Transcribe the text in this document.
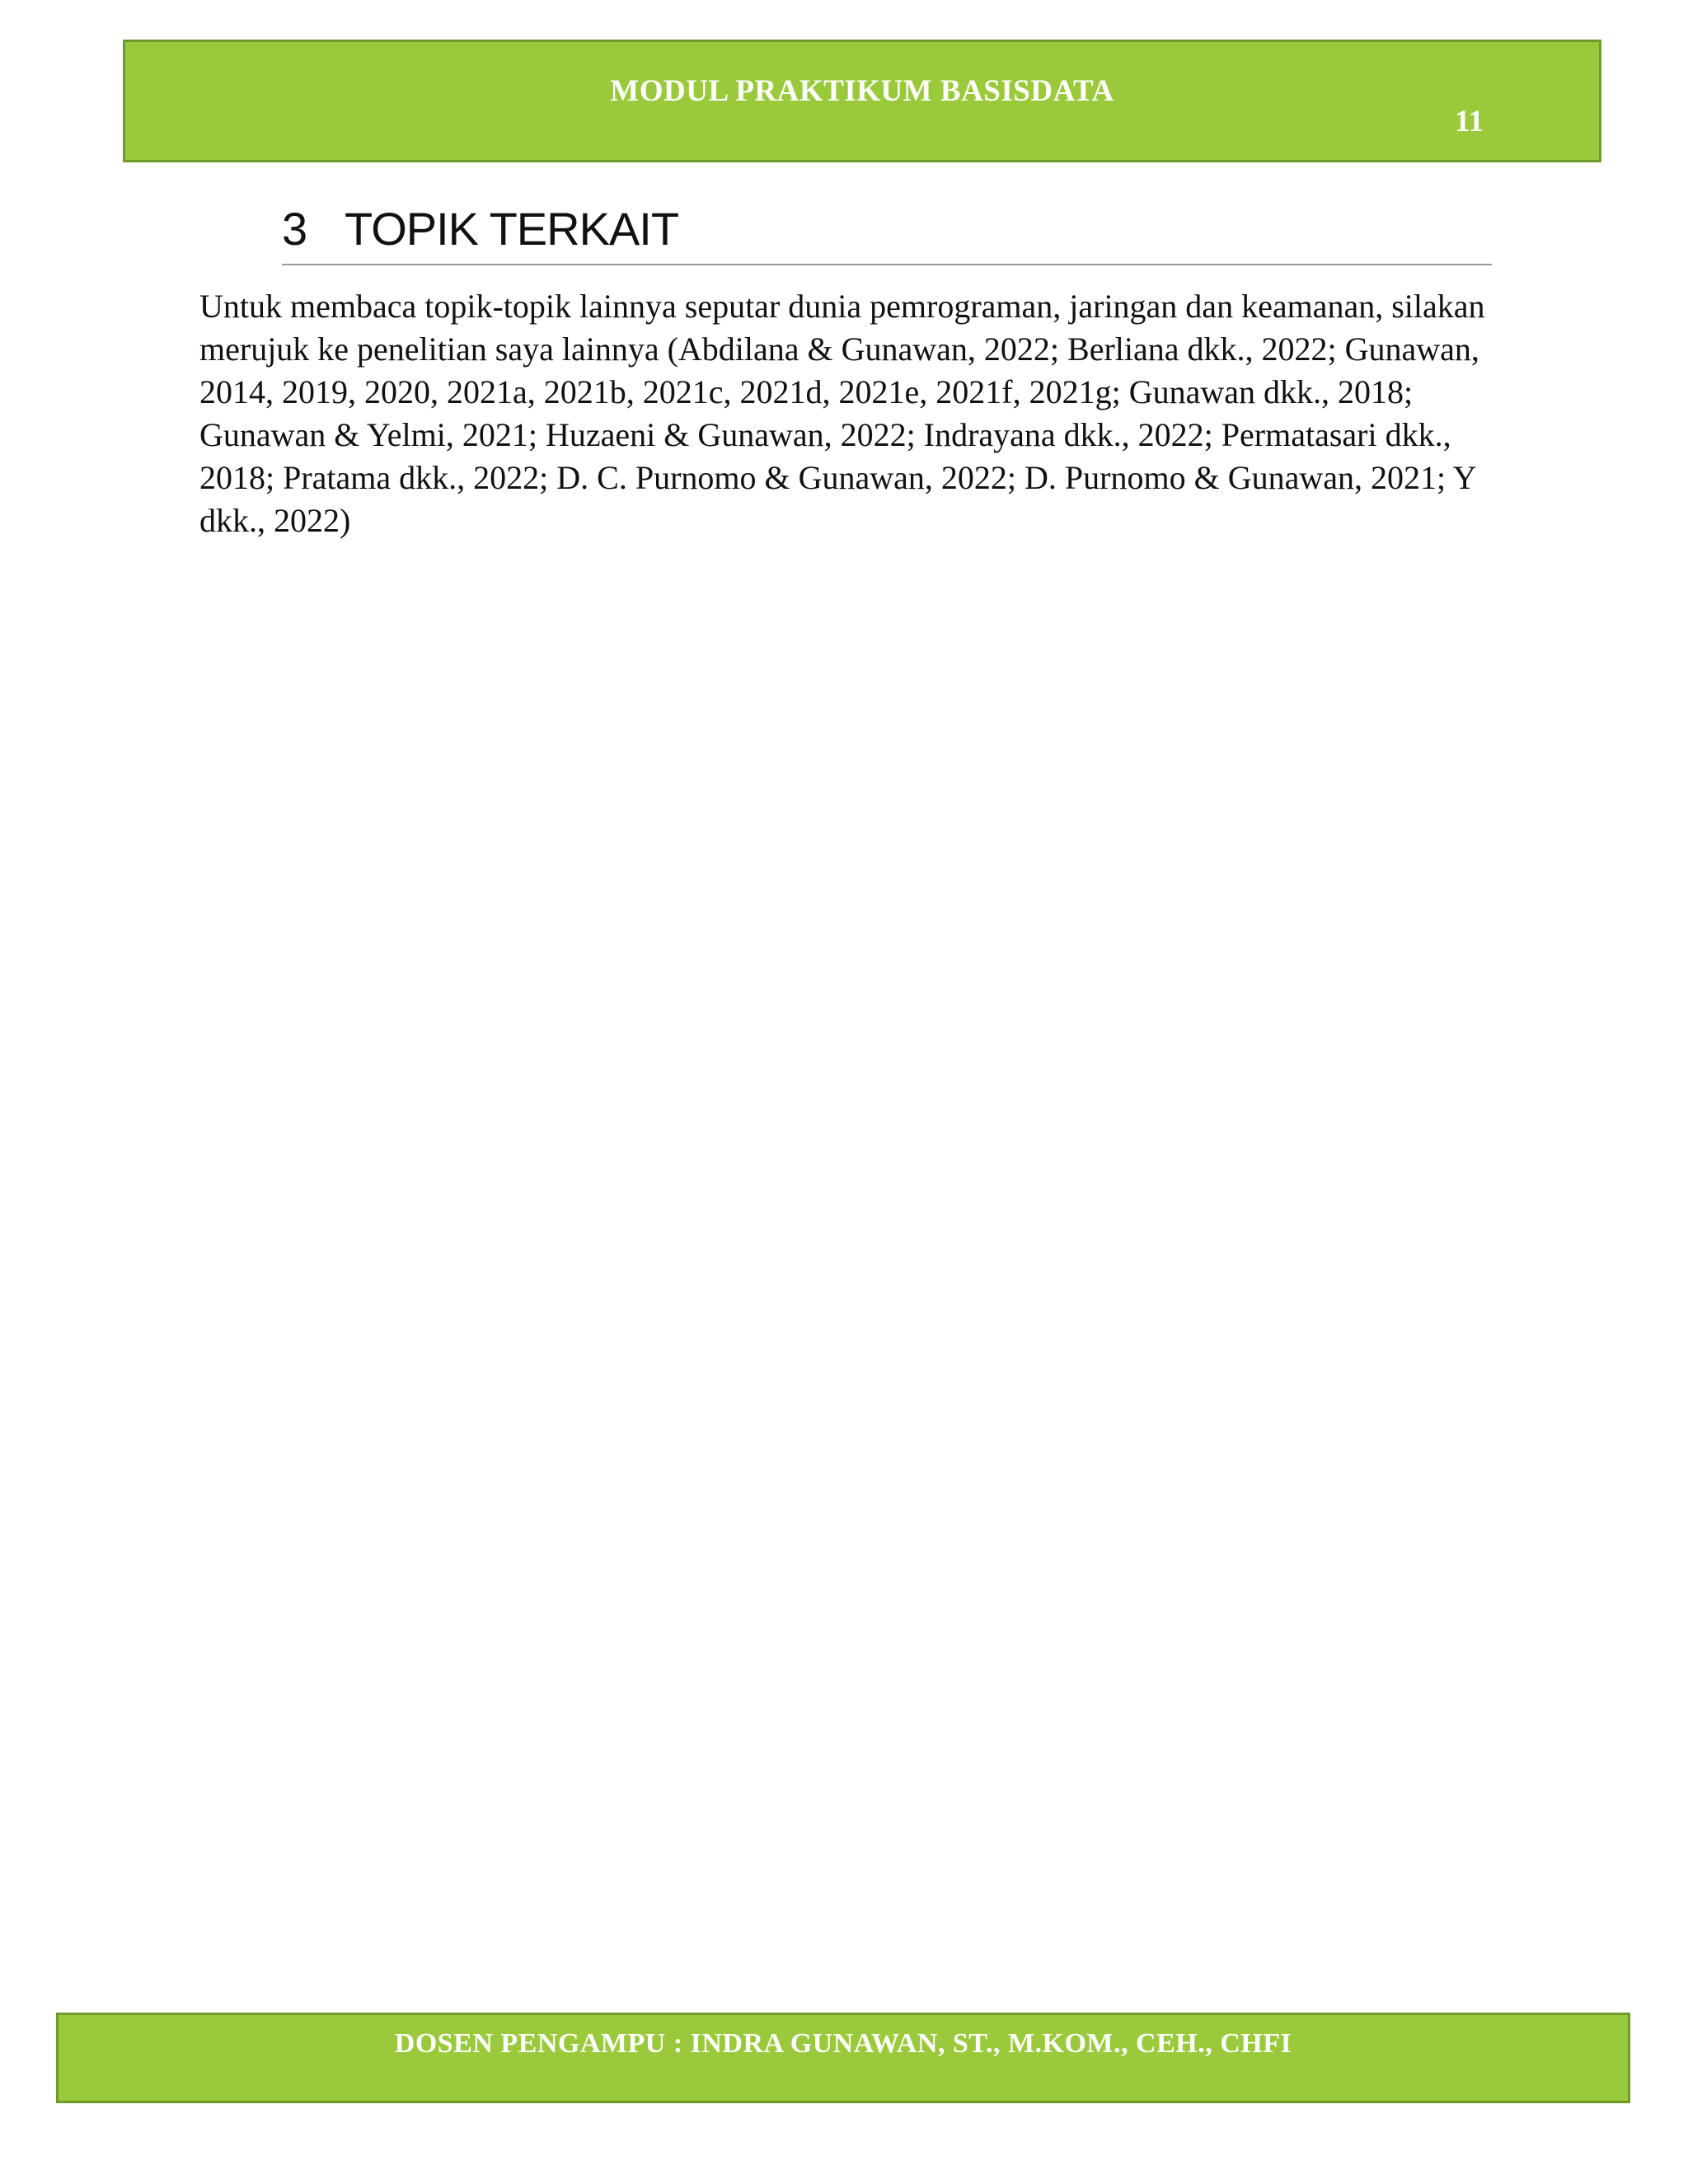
MODUL PRAKTIKUM BASISDATA
11
3 TOPIK TERKAIT

Untuk membaca topik-topik lainnya seputar dunia pemrograman, jaringan dan keamanan, silakan
merujuk ke penelitian saya lainnya (Abdilana & Gunawan, 2022; Berliana dkk., 2022; Gunawan,
2014, 2019, 2020, 2021a, 2021b, 2021c, 2021d, 2021e, 2021f, 2021g; Gunawan dkk., 2018;
Gunawan & Yelmi, 2021; Huzaeni & Gunawan, 2022; Indrayana dkk., 2022; Permatasari dkk.,
2018; Pratama dkk., 2022; D. C. Purnomo & Gunawan, 2022; D. Purnomo & Gunawan, 2021; Y
dkk., 2022)

DOSEN PENGAMPU : INDRA GUNAWAN, ST., M.KOM., CEH., CHFI
